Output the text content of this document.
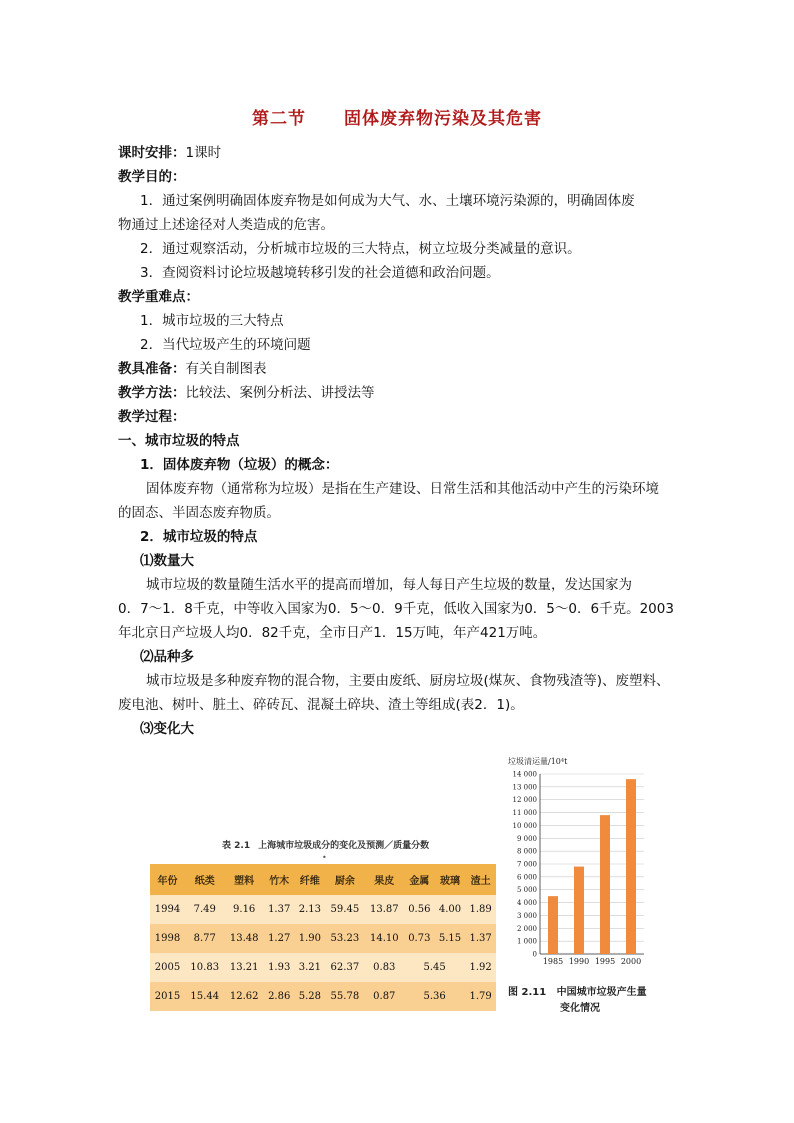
第二节 固体废弃物污染及其危害
课时安排：1课时
教学目的：
1．通过案例明确固体废弃物是如何成为大气、水、土壤环境污染源的，明确固体废
物通过上述途径对人类造成的危害。
2．通过观察活动，分析城市垃圾的三大特点，树立垃圾分类减量的意识。
3．查阅资料讨论垃圾越境转移引发的社会道德和政治问题。
教学重难点：
1．城市垃圾的三大特点
2．当代垃圾产生的环境问题
教具准备：有关自制图表
教学方法：比较法、案例分析法、讲授法等
教学过程：
一、城市垃圾的特点
1．固体废弃物（垃圾）的概念：
固体废弃物（通常称为垃圾）是指在生产建设、日常生活和其他活动中产生的污染环境
的固态、半固态废弃物质。
2．城市垃圾的特点
⑴数量大
城市垃圾的数量随生活水平的提高而增加，每人每日产生垃圾的数量，发达国家为
0．7～1．8千克，中等收入国家为0．5～0．9千克，低收入国家为0．5～0．6千克。2003
年北京日产垃圾人均0．82千克，全市日产1．15万吨，年产421万吨。
⑵品种多
城市垃圾是多种废弃物的混合物，主要由废纸、厨房垃圾(煤灰、食物残渣等)、废塑料、
废电池、树叶、脏土、碎砖瓦、混凝土碎块、渣土等组成(表2．1)。
⑶变化大
表 2.1 上海城市垃圾成分的变化及预测／质量分数
•
年份	纸类	塑料	竹木	纤维	厨余	果皮	金属	玻璃	渣土
1994	7.49	9.16	1.37	2.13	59.45	13.87	0.56	4.00	1.89
1998	8.77	13.48	1.27	1.90	53.23	14.10	0.73	5.15	1.37
2005	10.83	13.21	1.93	3.21	62.37	0.83	5.45		1.92
2015	15.44	12.62	2.86	5.28	55.78	0.87	5.36		1.79
垃圾清运量/10⁴t
0
1 000
2 000
3 000
4 000
5 000
6 000
7 000
8 000
9 000
10 000
11 000
12 000
13 000
14 000
1985 1990 1995 2000
图 2.11 中国城市垃圾产生量
变化情况
